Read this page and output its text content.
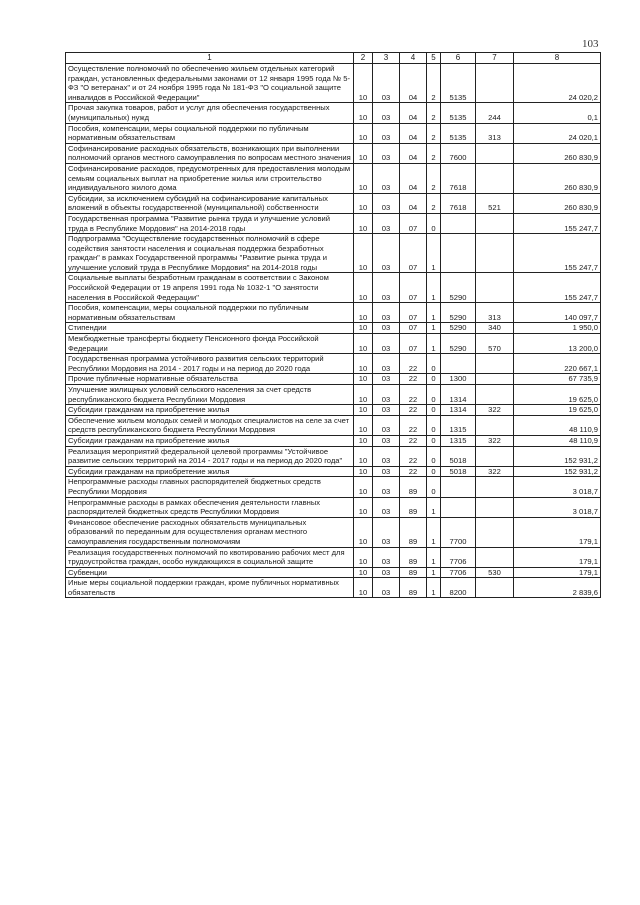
103
1	2	3	4	5	6	7	8
Осуществление полномочий по обеспечению жильем отдельных категорий граждан, установленных федеральными законами от 12 января 1995 года № 5-ФЗ "О ветеранах" и от 24 ноября 1995 года № 181-ФЗ "О социальной защите инвалидов в Российской Федерации"	10	03	04	2	5135		24 020,2
Прочая закупка товаров, работ и услуг для обеспечения государственных (муниципальных) нужд	10	03	04	2	5135	244	0,1
Пособия, компенсации, меры социальной поддержки по публичным нормативным обязательствам	10	03	04	2	5135	313	24 020,1
Софинансирование расходных обязательств, возникающих при выполнении полномочий органов местного самоуправления по вопросам местного значения	10	03	04	2	7600		260 830,9
Софинансирование расходов, предусмотренных для предоставления молодым семьям социальных выплат на приобретение жилья или строительство индивидуального жилого дома	10	03	04	2	7618		260 830,9
Субсидии, за исключением субсидий на софинансирование капитальных вложений в объекты государственной (муниципальной) собственности	10	03	04	2	7618	521	260 830,9
Государственная программа "Развитие рынка труда и улучшение условий труда в Республике Мордовия" на 2014-2018 годы	10	03	07	0			155 247,7
Подпрограмма "Осуществление государственных полномочий в сфере содействия занятости населения и социальная поддержка безработных граждан" в рамках Государственной программы "Развитие рынка труда и улучшение условий труда в Республике Мордовия" на 2014-2018 годы	10	03	07	1			155 247,7
Социальные выплаты безработным гражданам в соответствии с Законом Российской Федерации от 19 апреля 1991 года № 1032-1 "О занятости населения в Российской Федерации"	10	03	07	1	5290		155 247,7
Пособия, компенсации, меры социальной поддержки по публичным нормативным обязательствам	10	03	07	1	5290	313	140 097,7
Стипендии	10	03	07	1	5290	340	1 950,0
Межбюджетные трансферты бюджету Пенсионного фонда Российской Федерации	10	03	07	1	5290	570	13 200,0
Государственная программа устойчивого развития сельских территорий Республики Мордовия на 2014 - 2017 годы и на период до 2020 года	10	03	22	0			220 667,1
Прочие публичные нормативные обязательства	10	03	22	0	1300		67 735,9
Улучшение жилищных условий сельского населения за счет средств республиканского бюджета Республики Мордовия	10	03	22	0	1314		19 625,0
Субсидии гражданам на приобретение жилья	10	03	22	0	1314	322	19 625,0
Обеспечение жильем молодых семей и молодых специалистов на селе за счет средств республиканского бюджета Республики Мордовия	10	03	22	0	1315		48 110,9
Субсидии гражданам на приобретение жилья	10	03	22	0	1315	322	48 110,9
Реализация мероприятий федеральной целевой программы "Устойчивое развитие сельских территорий на 2014 - 2017 годы и на период до 2020 года"	10	03	22	0	5018		152 931,2
Субсидии гражданам на приобретение жилья	10	03	22	0	5018	322	152 931,2
Непрограммные расходы главных распорядителей бюджетных средств Республики Мордовия	10	03	89	0			3 018,7
Непрограммные расходы в рамках обеспечения деятельности главных распорядителей бюджетных средств Республики Мордовия	10	03	89	1			3 018,7
Финансовое обеспечение расходных обязательств муниципальных образований по переданным для осуществления органам местного самоуправления государственным полномочиям	10	03	89	1	7700		179,1
Реализация государственных полномочий по квотированию рабочих мест для трудоустройства граждан, особо нуждающихся в социальной защите	10	03	89	1	7706		179,1
Субвенции	10	03	89	1	7706	530	179,1
Иные меры социальной поддержки граждан, кроме публичных нормативных обязательств	10	03	89	1	8200		2 839,6
